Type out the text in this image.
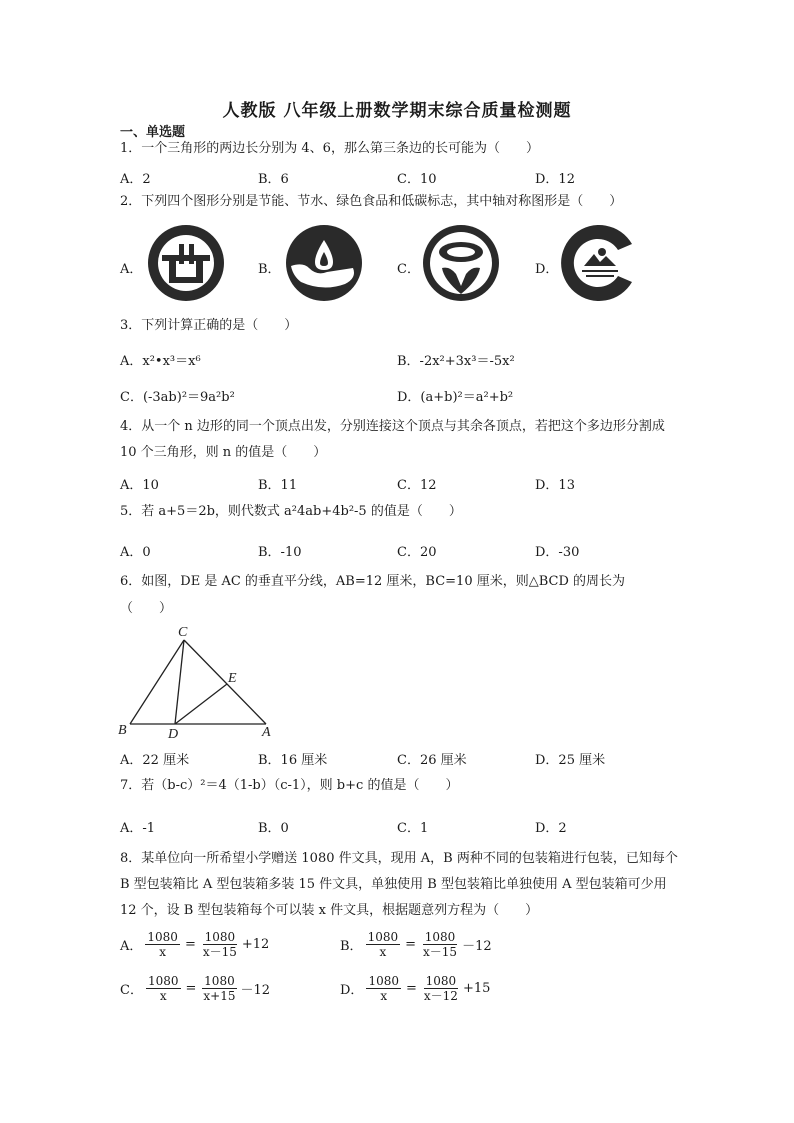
人教版 八年级上册数学期末综合质量检测题
一、单选题
1．一个三角形的两边长分别为 4、6，那么第三条边的长可能为（　　）
A．2	B．6	C．10	D．12
2．下列四个图形分别是节能、节水、绿色食品和低碳标志，其中轴对称图形是（　　）
A．	B．	C．	D．
3．下列计算正确的是（　　）
A．x²•x³＝x⁶	B．-2x²+3x³＝-5x²
C．(-3ab)²＝9a²b²	D．(a+b)²＝a²+b²
4．从一个 n 边形的同一个顶点出发，分别连接这个顶点与其余各顶点，若把这个多边形分割成 10 个三角形，则 n 的值是（　　）
A．10	B．11	C．12	D．13
5．若 a+5＝2b，则代数式 a²4ab+4b²-5 的值是（　　）
A．0	B．-10	C．20	D．-30
6．如图，DE 是 AC 的垂直平分线，AB=12 厘米，BC=10 厘米，则△BCD 的周长为
（　　）
C
E
B	D	A
A．22 厘米	B．16 厘米	C．26 厘米	D．25 厘米
7．若（b-c）²＝4（1-b）（c-1），则 b+c 的值是（　　）
A．-1	B．0	C．1	D．2
8．某单位向一所希望小学赠送 1080 件文具，现用 A，B 两种不同的包装箱进行包装，已知每个 B 型包装箱比 A 型包装箱多装 15 件文具，单独使用 B 型包装箱比单独使用 A 型包装箱可少用 12 个，设 B 型包装箱每个可以装 x 件文具，根据题意列方程为（　　）
A． $\frac{1080}{x} = \frac{1080}{x-15} +12$	B． $\frac{1080}{x} = \frac{1080}{x-15} -12$
C． $\frac{1080}{x} = \frac{1080}{x+15} -12$	D． $\frac{1080}{x} = \frac{1080}{x-12} +15$
